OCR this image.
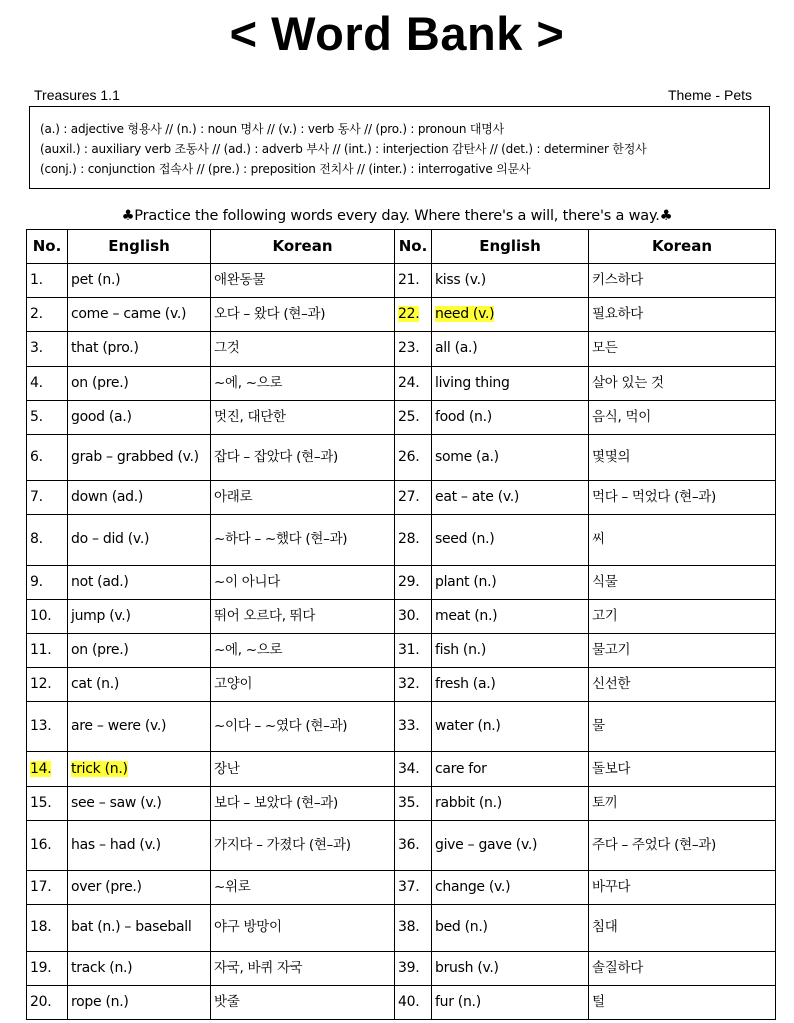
< Word Bank >
Treasures 1.1	Theme - Pets
(a.) : adjective 형용사 // (n.) : noun 명사 // (v.) : verb 동사 // (pro.) : pronoun 대명사
(auxil.) : auxiliary verb 조동사 // (ad.) : adverb 부사 // (int.) : interjection 감탄사 // (det.) : determiner 한정사
(conj.) : conjunction 접속사 // (pre.) : preposition 전치사 // (inter.) : interrogative 의문사
♣Practice the following words every day. Where there's a will, there's a way.♣
No.	English	Korean	No.	English	Korean
1.	pet (n.)	애완동물	21.	kiss (v.)	키스하다
2.	come – came (v.)	오다 – 왔다 (현–과)	22.	need (v.)	필요하다
3.	that (pro.)	그것	23.	all (a.)	모든
4.	on (pre.)	~에, ~으로	24.	living thing	살아 있는 것
5.	good (a.)	멋진, 대단한	25.	food (n.)	음식, 먹이
6.	grab – grabbed (v.)	잡다 – 잡았다 (현–과)	26.	some (a.)	몇몇의
7.	down (ad.)	아래로	27.	eat – ate (v.)	먹다 – 먹었다 (현–과)
8.	do – did (v.)	~하다 – ~했다 (현–과)	28.	seed (n.)	씨
9.	not (ad.)	~이 아니다	29.	plant (n.)	식물
10.	jump (v.)	뛰어 오르다, 뛰다	30.	meat (n.)	고기
11.	on (pre.)	~에, ~으로	31.	fish (n.)	물고기
12.	cat (n.)	고양이	32.	fresh (a.)	신선한
13.	are – were (v.)	~이다 – ~였다 (현–과)	33.	water (n.)	물
14.	trick (n.)	장난	34.	care for	돌보다
15.	see – saw (v.)	보다 – 보았다 (현–과)	35.	rabbit (n.)	토끼
16.	has – had (v.)	가지다 – 가졌다 (현–과)	36.	give – gave (v.)	주다 – 주었다 (현–과)
17.	over (pre.)	~위로	37.	change (v.)	바꾸다
18.	bat (n.) – baseball	야구 방망이	38.	bed (n.)	침대
19.	track (n.)	자국, 바퀴 자국	39.	brush (v.)	솔질하다
20.	rope (n.)	밧줄	40.	fur (n.)	털
